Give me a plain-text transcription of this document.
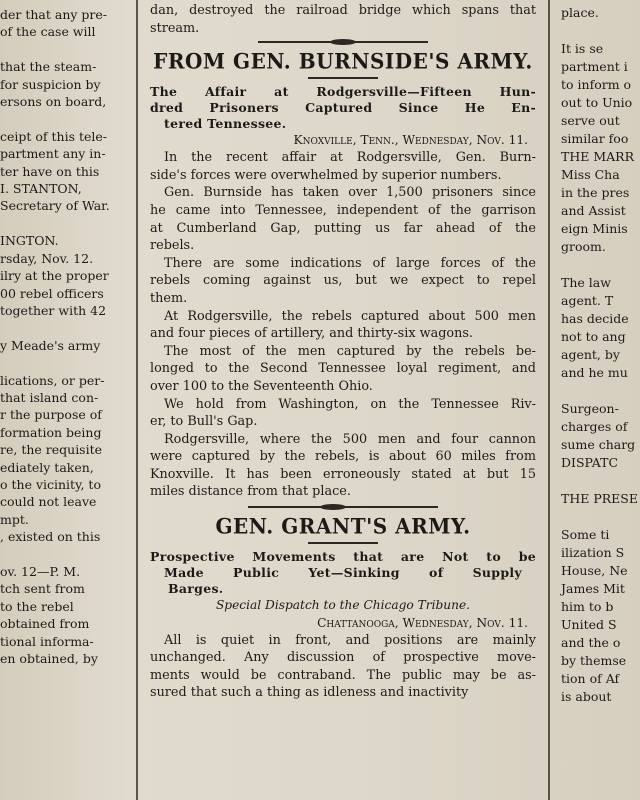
der that any pre-
of the case will

that the steam-
for suspicion by
ersons on board,

ceipt of this tele-
partment any in-
ter have on this
I. STANTON,
Secretary of War.

INGTON.
rsday, Nov. 12.
ilry at the proper
00 rebel officers
together with 42

y Meade's army

lications, or per-
that island con-
r the purpose of
formation being
re, the requisite
ediately taken,
o the vicinity, to
could not leave
mpt.
, existed on this

ov. 12—P. M.
tch sent from
to the rebel
obtained from
tional informa-
en obtained, by
dan, destroyed the railroad bridge which spans that
stream.
FROM GEN. BURNSIDE'S ARMY.
The Affair at Rodgersville—Fifteen Hun-
dred Prisoners Captured Since He En-
tered Tennessee.
Knoxville, Tenn., Wednesday, Nov. 11.
In the recent affair at Rodgersville, Gen. Burn-
side's forces were overwhelmed by superior numbers.
Gen. Burnside has taken over 1,500 prisoners since
he came into Tennessee, independent of the garrison
at Cumberland Gap, putting us far ahead of the
rebels.
There are some indications of large forces of the
rebels coming against us, but we expect to repel
them.
At Rodgersville, the rebels captured about 500 men
and four pieces of artillery, and thirty-six wagons.
The most of the men captured by the rebels be-
longed to the Second Tennessee loyal regiment, and
over 100 to the Seventeenth Ohio.
We hold from Washington, on the Tennessee Riv-
er, to Bull's Gap.
Rodgersville, where the 500 men and four cannon
were captured by the rebels, is about 60 miles from
Knoxville. It has been erroneously stated at but 15
miles distance from that place.
GEN. GRANT'S ARMY.
Prospective Movements that are Not to be
Made Public Yet—Sinking of Supply
Barges.
Special Dispatch to the Chicago Tribune.
Chattanooga, Wednesday, Nov. 11.
All is quiet in front, and positions are mainly
unchanged. Any discussion of prospective move-
ments would be contraband. The public may be as-
sured that such a thing as idleness and inactivity
place.

It is se
partment i
to inform o
out to Unio
serve out
similar foo
THE MARR
Miss Cha
in the pres
and Assist
eign Minis
groom.

The law
agent. T
has decide
not to ang
agent, by
and he mu

Surgeon-
charges of
sume charg
DISPATC

THE PRESE

Some ti
ilization S
House, Ne
James Mit
him to b
United S
and the o
by themse
tion of Af
is about
